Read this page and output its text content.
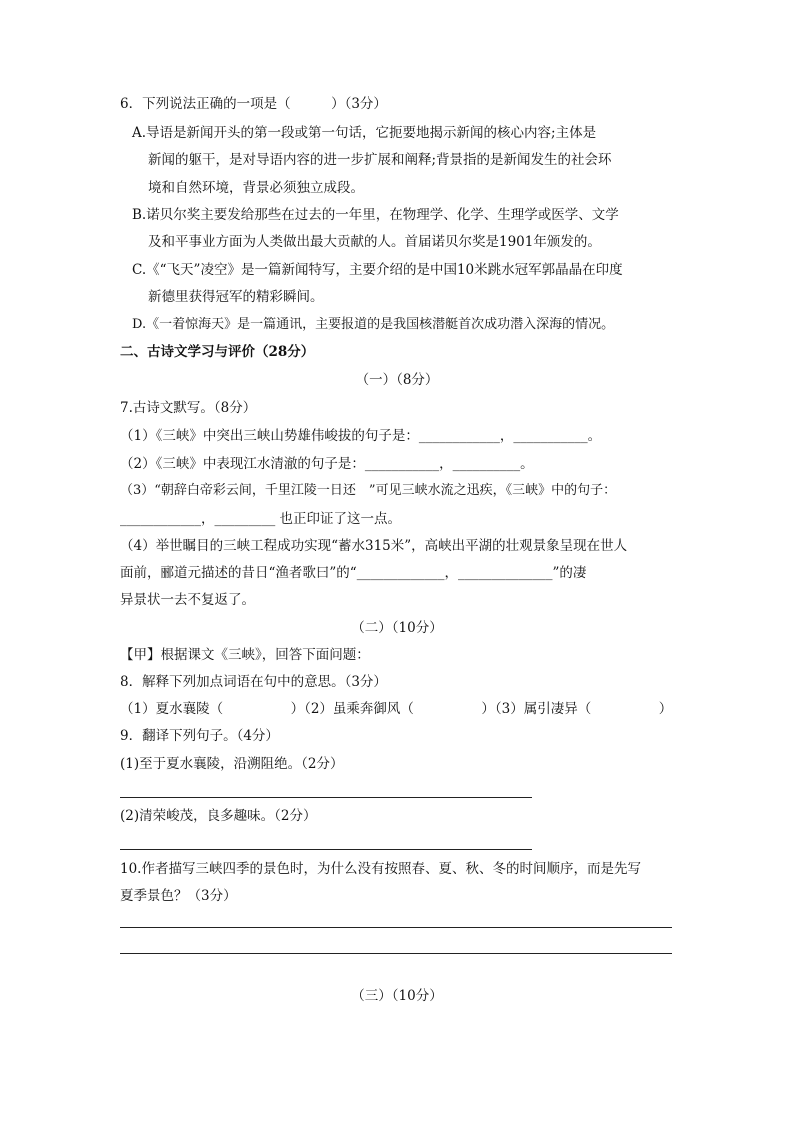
6．下列说法正确的一项是（　　　）（3分）
A.导语是新闻开头的第一段或第一句话，它扼要地揭示新闻的核心内容;主体是
新闻的躯干，是对导语内容的进一步扩展和阐释;背景指的是新闻发生的社会环
境和自然环境，背景必须独立成段。
B.诺贝尔奖主要发给那些在过去的一年里，在物理学、化学、生理学或医学、文学
及和平事业方面为人类做出最大贡献的人。首届诺贝尔奖是1901年颁发的。
C.《“飞天”凌空》是一篇新闻特写，主要介绍的是中国10米跳水冠军郭晶晶在印度
新德里获得冠军的精彩瞬间。
D.《一着惊海天》是一篇通讯，主要报道的是我国核潜艇首次成功潜入深海的情况。
二、古诗文学习与评价（28分）
（一）（8分）
7.古诗文默写。（8分）
（1）《三峡》中突出三峡山势雄伟峻拔的句子是：____________，___________。
（2）《三峡》中表现江水清澈的句子是：___________，__________。
（3）“朝辞白帝彩云间，千里江陵一日还　”可见三峡水流之迅疾，《三峡》中的句子：
____________，_________ 也正印证了这一点。
（4）举世瞩目的三峡工程成功实现“蓄水315米”，高峡出平湖的壮观景象呈现在世人
面前，郦道元描述的昔日“渔者歌曰”的“_____________，______________”的凄
异景状一去不复返了。
（二）（10分）
【甲】根据课文《三峡》，回答下面问题：
8．解释下列加点词语在句中的意思。（3分）
（1）夏水襄陵（　　　　　）（2）虽乘奔御风（　　　　　）（3）属引凄异（　　　　　）
9．翻译下列句子。（4分）
(1)至于夏水襄陵，沿溯阻绝。（2分）
(2)清荣峻茂，良多趣味。（2分）
10.作者描写三峡四季的景色时，为什么没有按照春、夏、秋、冬的时间顺序，而是先写
夏季景色？（3分）
（三）（10分）
